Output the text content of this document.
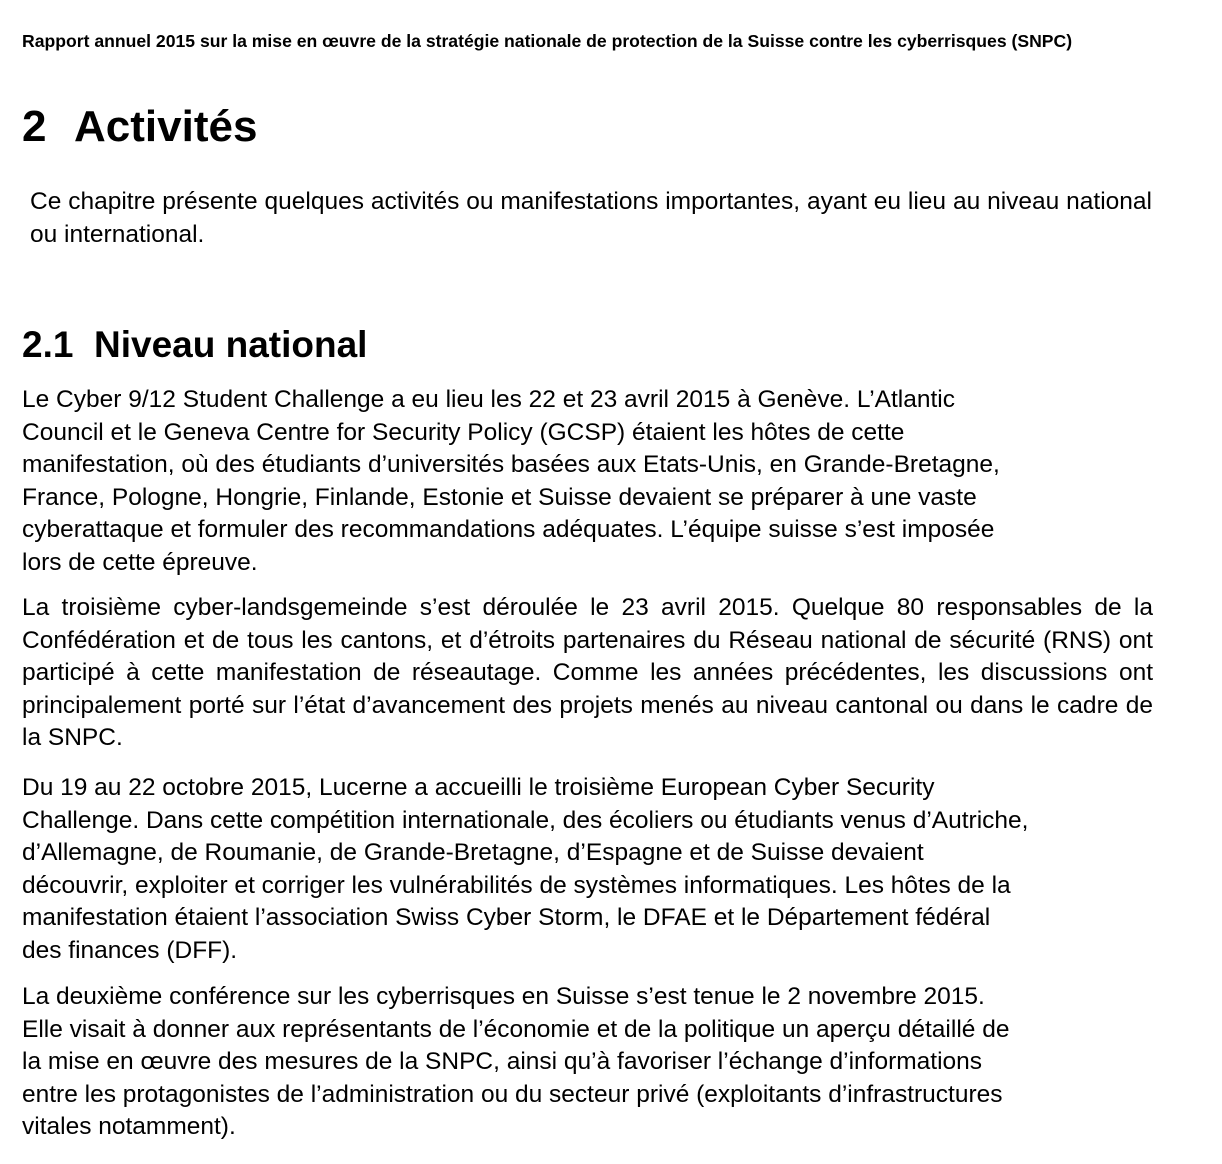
Rapport annuel 2015 sur la mise en œuvre de la stratégie nationale de protection de la Suisse contre les cyberrisques (SNPC)
2 Activités

Ce chapitre présente quelques activités ou manifestations importantes, ayant eu lieu au niveau national ou international.

2.1 Niveau national
Le Cyber 9/12 Student Challenge a eu lieu les 22 et 23 avril 2015 à Genève. L’Atlantic
Council et le Geneva Centre for Security Policy (GCSP) étaient les hôtes de cette
manifestation, où des étudiants d’universités basées aux Etats-Unis, en Grande-Bretagne,
France, Pologne, Hongrie, Finlande, Estonie et Suisse devaient se préparer à une vaste
cyberattaque et formuler des recommandations adéquates. L’équipe suisse s’est imposée
lors de cette épreuve.

La troisième cyber-landsgemeinde s’est déroulée le 23 avril 2015. Quelque 80 responsables de la Confédération et de tous les cantons, et d’étroits partenaires du Réseau national de sécurité (RNS) ont participé à cette manifestation de réseautage. Comme les années précédentes, les discussions ont principalement porté sur l’état d’avancement des projets menés au niveau cantonal ou dans le cadre de la SNPC.

Du 19 au 22 octobre 2015, Lucerne a accueilli le troisième European Cyber Security
Challenge. Dans cette compétition internationale, des écoliers ou étudiants venus d’Autriche,
d’Allemagne, de Roumanie, de Grande-Bretagne, d’Espagne et de Suisse devaient
découvrir, exploiter et corriger les vulnérabilités de systèmes informatiques. Les hôtes de la
manifestation étaient l’association Swiss Cyber Storm, le DFAE et le Département fédéral
des finances (DFF).
La deuxième conférence sur les cyberrisques en Suisse s’est tenue le 2 novembre 2015.
Elle visait à donner aux représentants de l’économie et de la politique un aperçu détaillé de
la mise en œuvre des mesures de la SNPC, ainsi qu’à favoriser l’échange d’informations
entre les protagonistes de l’administration ou du secteur privé (exploitants d’infrastructures
vitales notamment).
